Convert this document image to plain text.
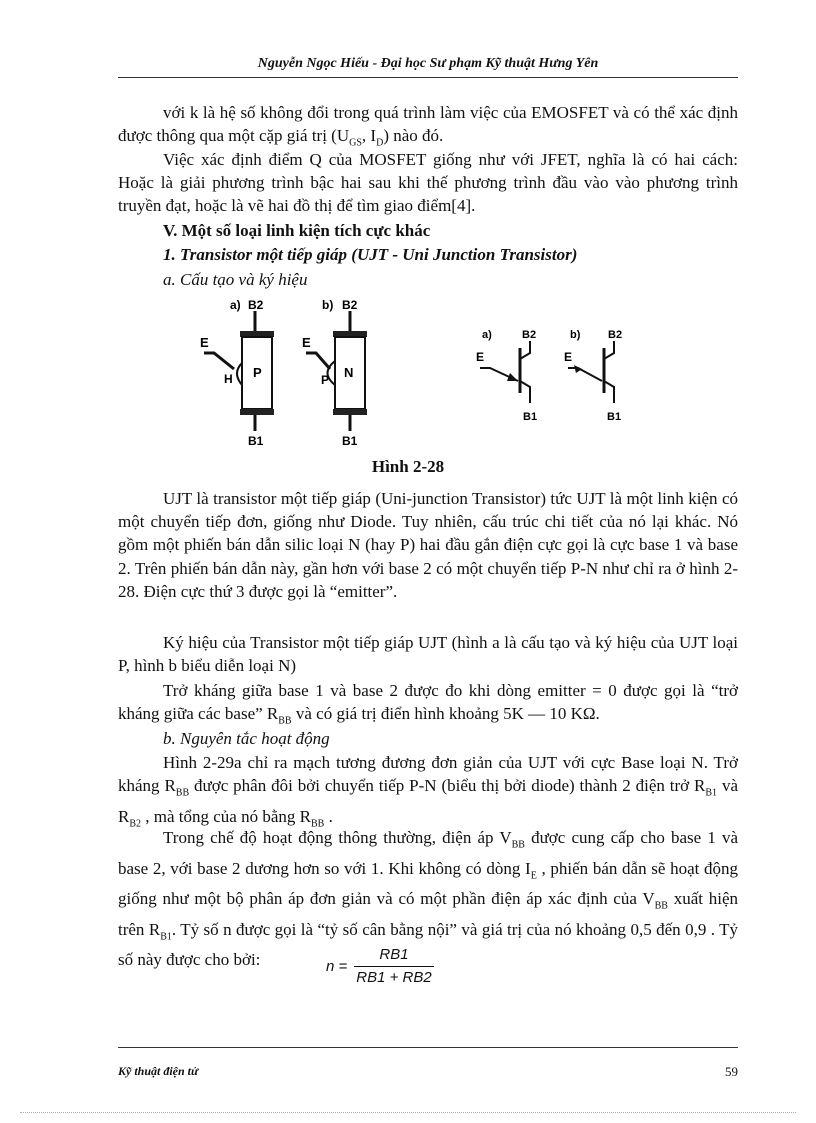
Nguyễn Ngọc Hiếu - Đại học Sư phạm Kỹ thuật Hưng Yên

với k là hệ số không đổi trong quá trình làm việc của EMOSFET và có thể xác định được thông qua một cặp giá trị ($U_{GS}$, $I_D$) nào đó.

Việc xác định điểm Q của MOSFET giống như với JFET, nghĩa là có hai cách: Hoặc là giải phương trình bậc hai sau khi thế phương trình đầu vào vào phương trình truyền đạt, hoặc là vẽ hai đồ thị để tìm giao điểm[4].

V. Một số loại linh kiện tích cực khác

1. Transistor một tiếp giáp (UJT - Uni Junction Transistor)

a. Cấu tạo và ký hiệu

a) B2
B1
E
H P
b) B2
B1
E
P N
a)	B2
E
B1
b)	B2
E
B1
Hình 2-28

UJT là transistor một tiếp giáp (Uni-junction Transistor) tức UJT là một linh kiện có một chuyển tiếp đơn, giống như Diode. Tuy nhiên, cấu trúc chi tiết của nó lại khác. Nó gồm một phiến bán dẫn silic loại N (hay P) hai đầu gắn điện cực gọi là cực base 1 và base 2. Trên phiến bán dẫn này, gần hơn với base 2 có một chuyển tiếp P-N như chỉ ra ở hình 2-28. Điện cực thứ 3 được gọi là “emitter”.

Ký hiệu của Transistor một tiếp giáp UJT (hình a là cấu tạo và ký hiệu của UJT loại P, hình b biểu diễn loại N)

Trở kháng giữa base 1 và base 2 được đo khi dòng emitter = 0 được gọi là “trở kháng giữa các base” $R_{BB}$ và có giá trị điển hình khoảng 5K — 10 KΩ.

b. Nguyên tắc hoạt động

Hình 2-29a chỉ ra mạch tương đương đơn giản của UJT với cực Base loại N. Trở kháng $R_{BB}$ được phân đôi bởi chuyển tiếp P-N (biểu thị bởi diode) thành 2 điện trở $R_{B1}$ và $R_{B2}$ , mà tổng của nó bằng $R_{BB}$ .

Trong chế độ hoạt động thông thường, điện áp $V_{BB}$ được cung cấp cho base 1 và base 2, với base 2 dương hơn so với 1. Khi không có dòng $I_E$ , phiến bán dẫn sẽ hoạt động giống như một bộ phân áp đơn giản và có một phần điện áp xác định của $V_{BB}$ xuất hiện trên $R_{B1}$. Tỷ số n được gọi là “tỷ số cân bằng nội” và giá trị của nó khoảng 0,5 đến 0,9 . Tỷ số này được cho bởi:	$n = \frac{RB1}{RB1 + RB2}$
Kỹ thuật điện tử	59
